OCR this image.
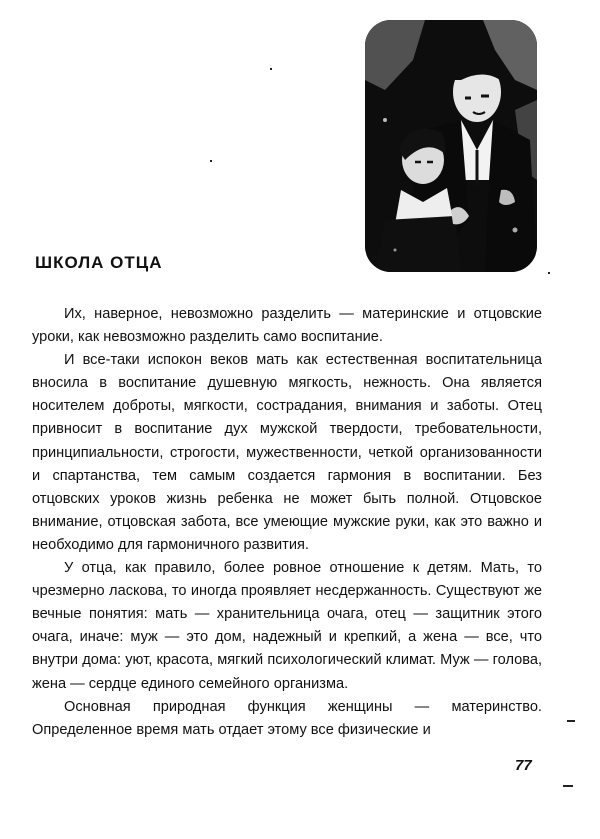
ШКОЛА ОТЦА

Их, наверное, невозможно разделить — материнские и отцовские уроки, как невозможно разделить само воспитание.

И все-таки испокон веков мать как естественная воспитательница вносила в воспитание душевную мягкость, нежность. Она является носителем доброты, мягкости, сострадания, внимания и заботы. Отец привносит в воспитание дух мужской твердости, требовательности, принципиальности, строгости, мужественности, четкой организованности и спартанства, тем самым создается гармония в воспитании. Без отцовских уроков жизнь ребенка не может быть полной. Отцовское внимание, отцовская забота, все умеющие мужские руки, как это важно и необходимо для гармоничного развития.

У отца, как правило, более ровное отношение к детям. Мать, то чрезмерно ласкова, то иногда проявляет несдержанность. Существуют же вечные понятия: мать — хранительница очага, отец — защитник этого очага, иначе: муж — это дом, надежный и крепкий, а жена — все, что внутри дома: уют, красота, мягкий психологический климат. Муж — голова, жена — сердце единого семейного организма.

Основная природная функция женщины — материнство. Определенное время мать отдает этому все физические и

77
